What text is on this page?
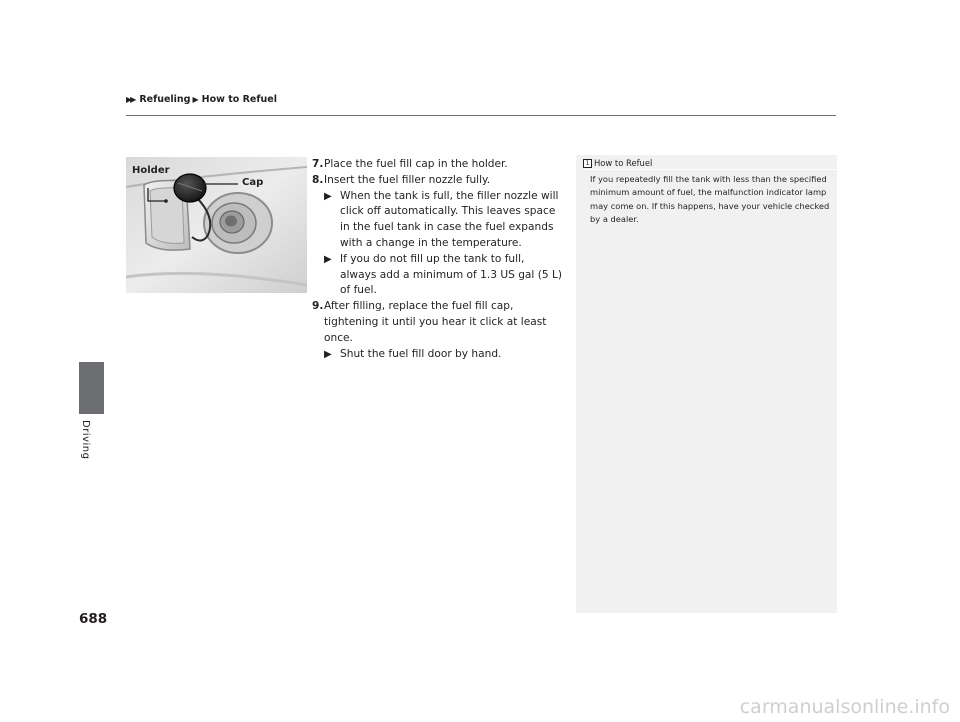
▶▶ Refueling ▶ How to Refuel
Driving
688
Holder
Cap
7. Place the fuel fill cap in the holder.
8. Insert the fuel filler nozzle fully.
▶ When the tank is full, the filler nozzle will click off automatically. This leaves space in the fuel tank in case the fuel expands with a change in the temperature.
▶ If you do not fill up the tank to full, always add a minimum of 1.3 US gal (5 L) of fuel.
9. After filling, replace the fuel fill cap, tightening it until you hear it click at least once.
▶ Shut the fuel fill door by hand.
1 How to Refuel
If you repeatedly fill the tank with less than the specified minimum amount of fuel, the malfunction indicator lamp may come on. If this happens, have your vehicle checked by a dealer.
carmanualsonline.info
